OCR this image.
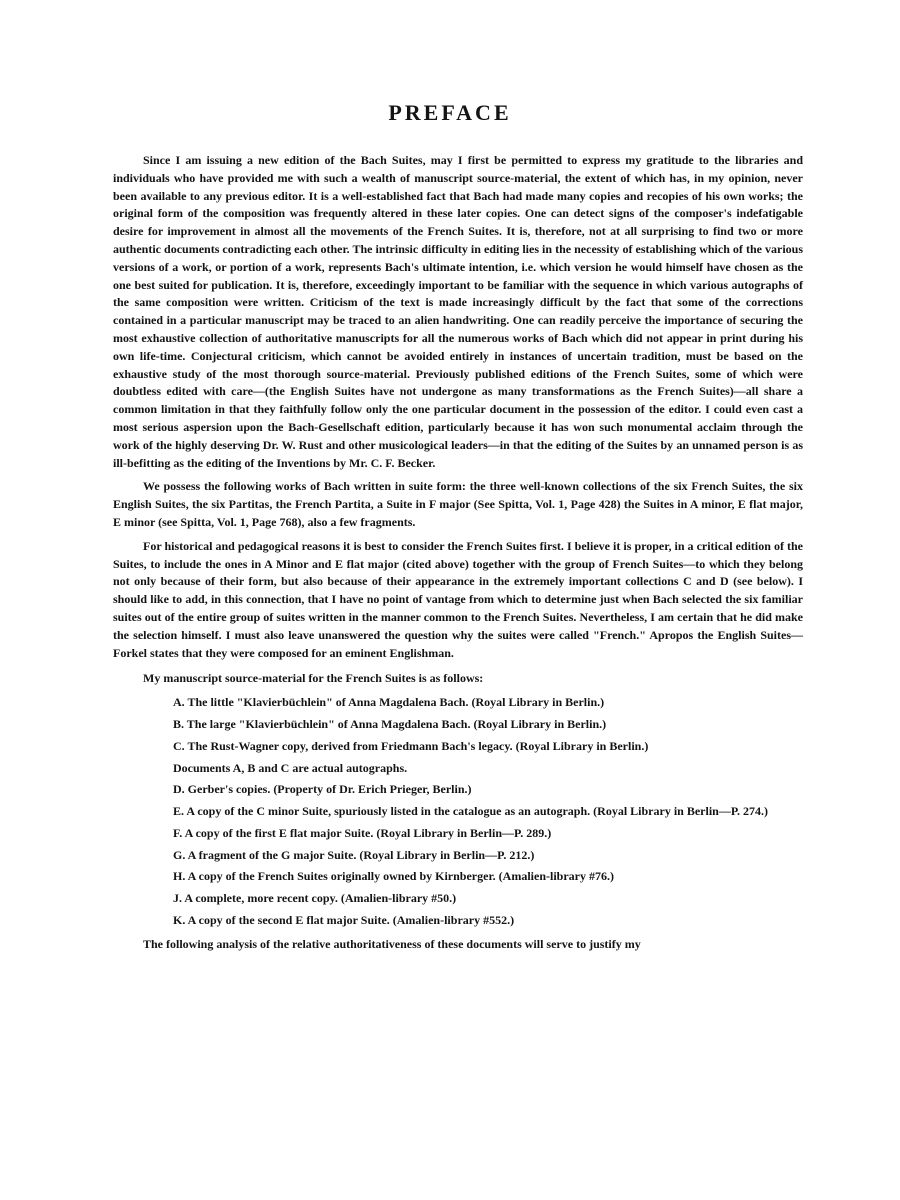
PREFACE

Since I am issuing a new edition of the Bach Suites, may I first be permitted to express my gratitude to the libraries and individuals who have provided me with such a wealth of manuscript source-material, the extent of which has, in my opinion, never been available to any previous editor. It is a well-established fact that Bach had made many copies and recopies of his own works; the original form of the composition was frequently altered in these later copies. One can detect signs of the composer's indefatigable desire for improvement in almost all the movements of the French Suites. It is, therefore, not at all surprising to find two or more authentic documents contradicting each other. The intrinsic difficulty in editing lies in the necessity of establishing which of the various versions of a work, or portion of a work, represents Bach's ultimate intention, i.e. which version he would himself have chosen as the one best suited for publication. It is, therefore, exceedingly important to be familiar with the sequence in which various autographs of the same composition were written. Criticism of the text is made increasingly difficult by the fact that some of the corrections contained in a particular manuscript may be traced to an alien handwriting. One can readily perceive the importance of securing the most exhaustive collection of authoritative manuscripts for all the numerous works of Bach which did not appear in print during his own life-time. Conjectural criticism, which cannot be avoided entirely in instances of uncertain tradition, must be based on the exhaustive study of the most thorough source-material. Previously published editions of the French Suites, some of which were doubtless edited with care—(the English Suites have not undergone as many transformations as the French Suites)—all share a common limitation in that they faithfully follow only the one particular document in the possession of the editor. I could even cast a most serious aspersion upon the Bach-Gesellschaft edition, particularly because it has won such monumental acclaim through the work of the highly deserving Dr. W. Rust and other musicological leaders—in that the editing of the Suites by an unnamed person is as ill-befitting as the editing of the Inventions by Mr. C. F. Becker.

We possess the following works of Bach written in suite form: the three well-known collections of the six French Suites, the six English Suites, the six Partitas, the French Partita, a Suite in F major (See Spitta, Vol. 1, Page 428) the Suites in A minor, E flat major, E minor (see Spitta, Vol. 1, Page 768), also a few fragments.

For historical and pedagogical reasons it is best to consider the French Suites first. I believe it is proper, in a critical edition of the Suites, to include the ones in A Minor and E flat major (cited above) together with the group of French Suites—to which they belong not only because of their form, but also because of their appearance in the extremely important collections C and D (see below). I should like to add, in this connection, that I have no point of vantage from which to determine just when Bach selected the six familiar suites out of the entire group of suites written in the manner common to the French Suites. Nevertheless, I am certain that he did make the selection himself. I must also leave unanswered the question why the suites were called "French." Apropos the English Suites—Forkel states that they were composed for an eminent Englishman.

My manuscript source-material for the French Suites is as follows:

A. The little "Klavierbüchlein" of Anna Magdalena Bach. (Royal Library in Berlin.)
B. The large "Klavierbüchlein" of Anna Magdalena Bach. (Royal Library in Berlin.)
C. The Rust-Wagner copy, derived from Friedmann Bach's legacy. (Royal Library in Berlin.)
Documents A, B and C are actual autographs.
D. Gerber's copies. (Property of Dr. Erich Prieger, Berlin.)
E. A copy of the C minor Suite, spuriously listed in the catalogue as an autograph. (Royal Library in Berlin—P. 274.)
F. A copy of the first E flat major Suite. (Royal Library in Berlin—P. 289.)
G. A fragment of the G major Suite. (Royal Library in Berlin—P. 212.)
H. A copy of the French Suites originally owned by Kirnberger. (Amalien-library #76.)
J. A complete, more recent copy. (Amalien-library #50.)
K. A copy of the second E flat major Suite. (Amalien-library #552.)

The following analysis of the relative authoritativeness of these documents will serve to justify my
